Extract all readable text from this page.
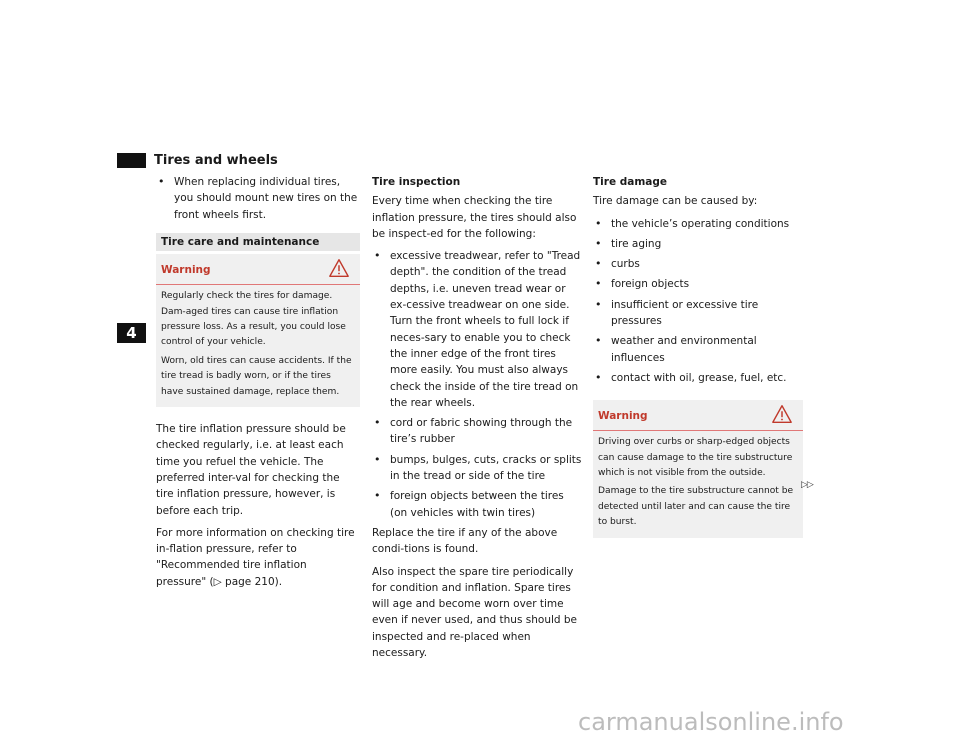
Tires and wheels
4
• When replacing individual tires, you should mount new tires on the front wheels first.
Tire care and maintenance
Warning

Regularly check the tires for damage. Dam-aged tires can cause tire inflation pressure loss. As a result, you could lose control of your vehicle.

Worn, old tires can cause accidents. If the tire tread is badly worn, or if the tires have sustained damage, replace them.

The tire inflation pressure should be checked regularly, i.e. at least each time you refuel the vehicle. The preferred inter-val for checking the tire inflation pressure, however, is before each trip.

For more information on checking tire in-flation pressure, refer to "Recommended tire inflation pressure" (▷ page 210).

Tire inspection

Every time when checking the tire inflation pressure, the tires should also be inspect-ed for the following:

• excessive treadwear, refer to "Tread depth". the condition of the tread depths, i.e. uneven tread wear or ex-cessive treadwear on one side. Turn the front wheels to full lock if neces-sary to enable you to check the inner edge of the front tires more easily. You must also always check the inside of the tire tread on the rear wheels.
• cord or fabric showing through the tire’s rubber
• bumps, bulges, cuts, cracks or splits in the tread or side of the tire
• foreign objects between the tires (on vehicles with twin tires)

Replace the tire if any of the above condi-tions is found.

Also inspect the spare tire periodically for condition and inflation. Spare tires will age and become worn over time even if never used, and thus should be inspected and re-placed when necessary.

Tire damage

Tire damage can be caused by:

• the vehicle’s operating conditions
• tire aging
• curbs
• foreign objects
• insufficient or excessive tire pressures
• weather and environmental influences
• contact with oil, grease, fuel, etc.
Warning

Driving over curbs or sharp-edged objects can cause damage to the tire substructure which is not visible from the outside.

Damage to the tire substructure cannot be detected until later and can cause the tire to burst.

▷▷
carmanualsonline.info
